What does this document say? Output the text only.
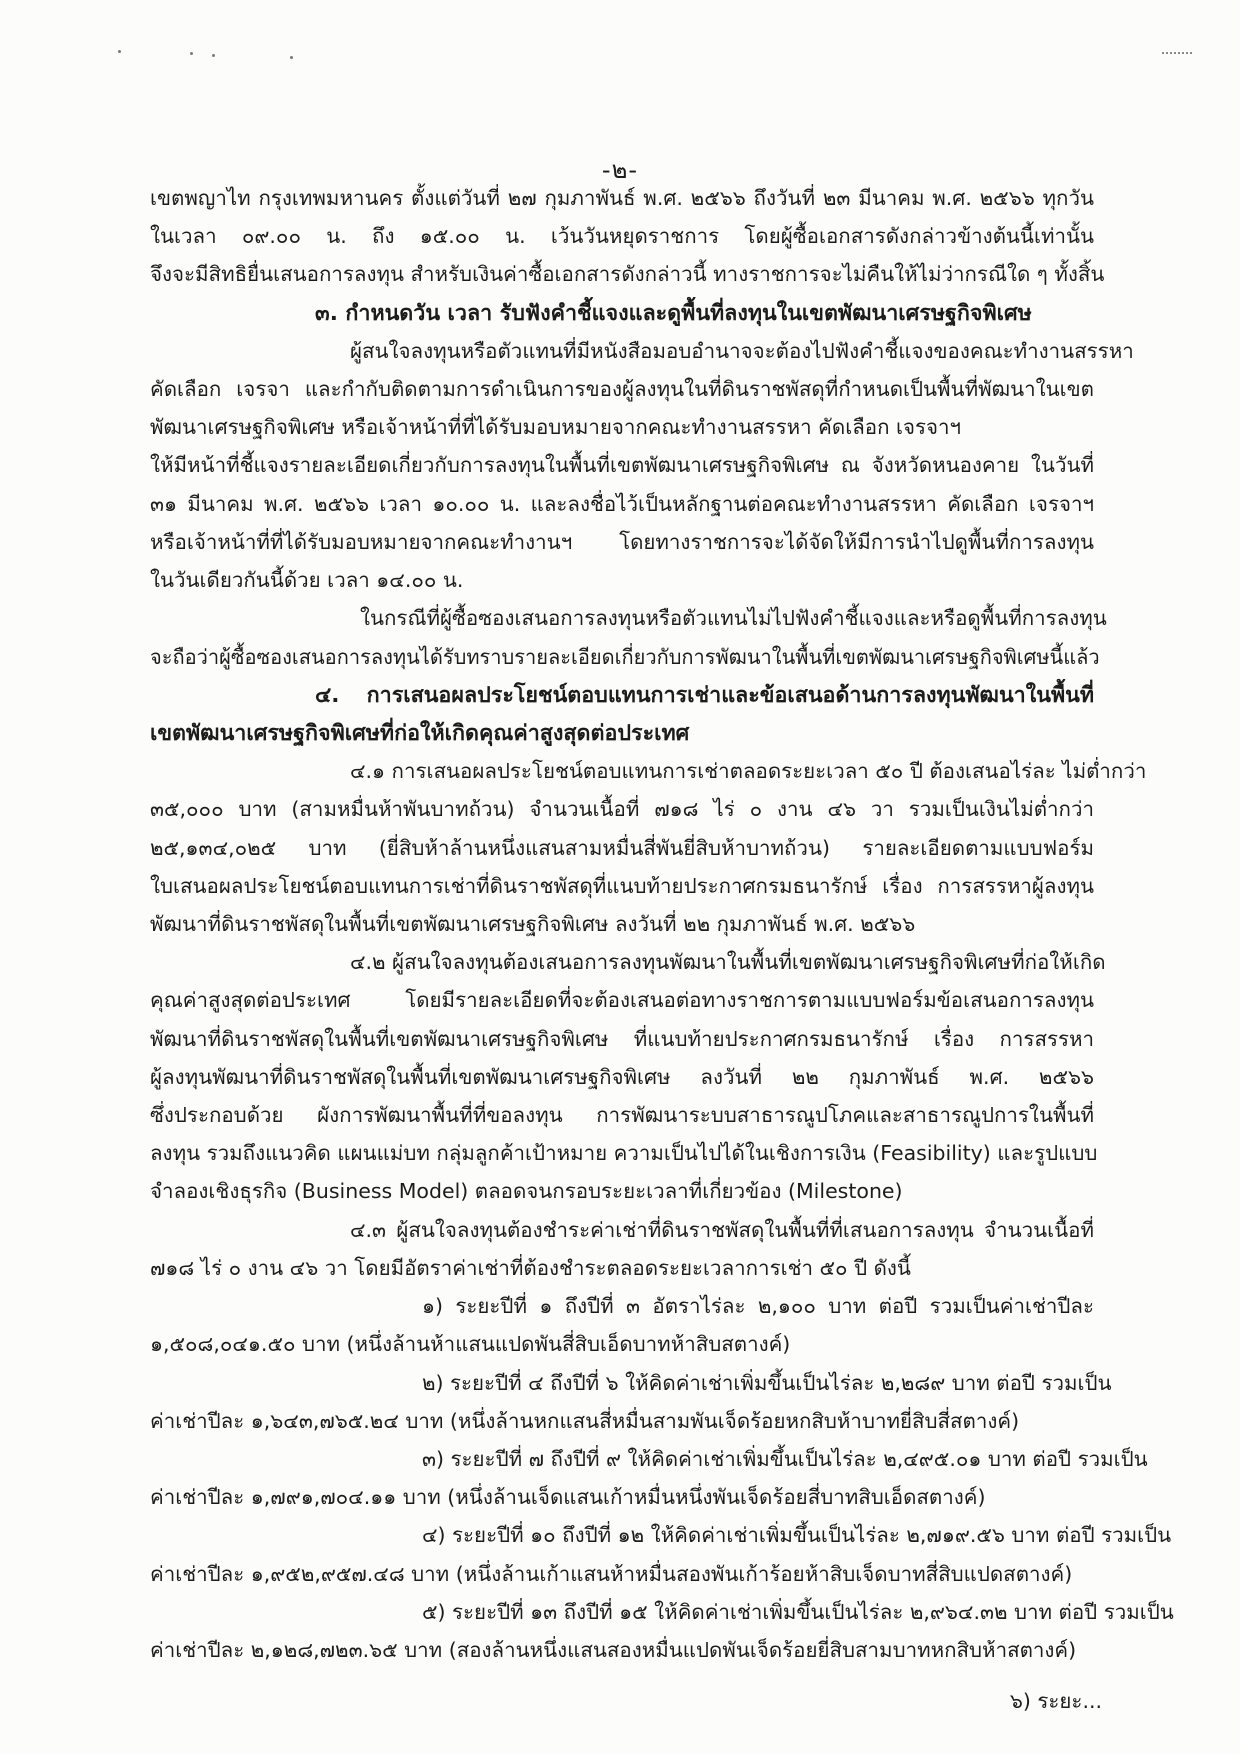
-๒-
เขตพญาไท กรุงเทพมหานคร ตั้งแต่วันที่ ๒๗ กุมภาพันธ์ พ.ศ. ๒๕๖๖ ถึงวันที่ ๒๓ มีนาคม พ.ศ. ๒๕๖๖ ทุกวัน
ในเวลา ๐๙.๐๐ น. ถึง ๑๕.๐๐ น. เว้นวันหยุดราชการ โดยผู้ซื้อเอกสารดังกล่าวข้างต้นนี้เท่านั้น
จึงจะมีสิทธิยื่นเสนอการลงทุน สำหรับเงินค่าซื้อเอกสารดังกล่าวนี้ ทางราชการจะไม่คืนให้ไม่ว่ากรณีใด ๆ ทั้งสิ้น
๓. กำหนดวัน เวลา รับฟังคำชี้แจงและดูพื้นที่ลงทุนในเขตพัฒนาเศรษฐกิจพิเศษ
ผู้สนใจลงทุนหรือตัวแทนที่มีหนังสือมอบอำนาจจะต้องไปฟังคำชี้แจงของคณะทำงานสรรหา
คัดเลือก เจรจา และกำกับติดตามการดำเนินการของผู้ลงทุนในที่ดินราชพัสดุที่กำหนดเป็นพื้นที่พัฒนาในเขต
พัฒนาเศรษฐกิจพิเศษ หรือเจ้าหน้าที่ที่ได้รับมอบหมายจากคณะทำงานสรรหา คัดเลือก เจรจาฯ
ให้มีหน้าที่ชี้แจงรายละเอียดเกี่ยวกับการลงทุนในพื้นที่เขตพัฒนาเศรษฐกิจพิเศษ ณ จังหวัดหนองคาย ในวันที่
๓๑ มีนาคม พ.ศ. ๒๕๖๖ เวลา ๑๐.๐๐ น. และลงชื่อไว้เป็นหลักฐานต่อคณะทำงานสรรหา คัดเลือก เจรจาฯ
หรือเจ้าหน้าที่ที่ได้รับมอบหมายจากคณะทำงานฯ โดยทางราชการจะได้จัดให้มีการนำไปดูพื้นที่การลงทุน
ในวันเดียวกันนี้ด้วย เวลา ๑๔.๐๐ น.
ในกรณีที่ผู้ซื้อซองเสนอการลงทุนหรือตัวแทนไม่ไปฟังคำชี้แจงและหรือดูพื้นที่การลงทุน
จะถือว่าผู้ซื้อซองเสนอการลงทุนได้รับทราบรายละเอียดเกี่ยวกับการพัฒนาในพื้นที่เขตพัฒนาเศรษฐกิจพิเศษนี้แล้ว
๔. การเสนอผลประโยชน์ตอบแทนการเช่าและข้อเสนอด้านการลงทุนพัฒนาในพื้นที่
เขตพัฒนาเศรษฐกิจพิเศษที่ก่อให้เกิดคุณค่าสูงสุดต่อประเทศ
๔.๑ การเสนอผลประโยชน์ตอบแทนการเช่าตลอดระยะเวลา ๕๐ ปี ต้องเสนอไร่ละ ไม่ต่ำกว่า
๓๕,๐๐๐ บาท (สามหมื่นห้าพันบาทถ้วน) จำนวนเนื้อที่ ๗๑๘ ไร่ ๐ งาน ๔๖ วา รวมเป็นเงินไม่ต่ำกว่า
๒๕,๑๓๔,๐๒๕ บาท (ยี่สิบห้าล้านหนึ่งแสนสามหมื่นสี่พันยี่สิบห้าบาทถ้วน) รายละเอียดตามแบบฟอร์ม
ใบเสนอผลประโยชน์ตอบแทนการเช่าที่ดินราชพัสดุที่แนบท้ายประกาศกรมธนารักษ์ เรื่อง การสรรหาผู้ลงทุน
พัฒนาที่ดินราชพัสดุในพื้นที่เขตพัฒนาเศรษฐกิจพิเศษ ลงวันที่ ๒๒ กุมภาพันธ์ พ.ศ. ๒๕๖๖
๔.๒ ผู้สนใจลงทุนต้องเสนอการลงทุนพัฒนาในพื้นที่เขตพัฒนาเศรษฐกิจพิเศษที่ก่อให้เกิด
คุณค่าสูงสุดต่อประเทศ โดยมีรายละเอียดที่จะต้องเสนอต่อทางราชการตามแบบฟอร์มข้อเสนอการลงทุน
พัฒนาที่ดินราชพัสดุในพื้นที่เขตพัฒนาเศรษฐกิจพิเศษ ที่แนบท้ายประกาศกรมธนารักษ์ เรื่อง การสรรหา
ผู้ลงทุนพัฒนาที่ดินราชพัสดุในพื้นที่เขตพัฒนาเศรษฐกิจพิเศษ ลงวันที่ ๒๒ กุมภาพันธ์ พ.ศ. ๒๕๖๖
ซึ่งประกอบด้วย ผังการพัฒนาพื้นที่ที่ขอลงทุน การพัฒนาระบบสาธารณูปโภคและสาธารณูปการในพื้นที่
ลงทุน รวมถึงแนวคิด แผนแม่บท กลุ่มลูกค้าเป้าหมาย ความเป็นไปได้ในเชิงการเงิน (Feasibility) และรูปแบบ
จำลองเชิงธุรกิจ (Business Model) ตลอดจนกรอบระยะเวลาที่เกี่ยวข้อง (Milestone)
๔.๓ ผู้สนใจลงทุนต้องชำระค่าเช่าที่ดินราชพัสดุในพื้นที่ที่เสนอการลงทุน จำนวนเนื้อที่
๗๑๘ ไร่ ๐ งาน ๔๖ วา โดยมีอัตราค่าเช่าที่ต้องชำระตลอดระยะเวลาการเช่า ๕๐ ปี ดังนี้
๑) ระยะปีที่ ๑ ถึงปีที่ ๓ อัตราไร่ละ ๒,๑๐๐ บาท ต่อปี รวมเป็นค่าเช่าปีละ
๑,๕๐๘,๐๔๑.๕๐ บาท (หนึ่งล้านห้าแสนแปดพันสี่สิบเอ็ดบาทห้าสิบสตางค์)
๒) ระยะปีที่ ๔ ถึงปีที่ ๖ ให้คิดค่าเช่าเพิ่มขึ้นเป็นไร่ละ ๒,๒๘๙ บาท ต่อปี รวมเป็น
ค่าเช่าปีละ ๑,๖๔๓,๗๖๕.๒๔ บาท (หนึ่งล้านหกแสนสี่หมื่นสามพันเจ็ดร้อยหกสิบห้าบาทยี่สิบสี่สตางค์)
๓) ระยะปีที่ ๗ ถึงปีที่ ๙ ให้คิดค่าเช่าเพิ่มขึ้นเป็นไร่ละ ๒,๔๙๕.๐๑ บาท ต่อปี รวมเป็น
ค่าเช่าปีละ ๑,๗๙๑,๗๐๔.๑๑ บาท (หนึ่งล้านเจ็ดแสนเก้าหมื่นหนึ่งพันเจ็ดร้อยสี่บาทสิบเอ็ดสตางค์)
๔) ระยะปีที่ ๑๐ ถึงปีที่ ๑๒ ให้คิดค่าเช่าเพิ่มขึ้นเป็นไร่ละ ๒,๗๑๙.๕๖ บาท ต่อปี รวมเป็น
ค่าเช่าปีละ ๑,๙๕๒,๙๕๗.๔๘ บาท (หนึ่งล้านเก้าแสนห้าหมื่นสองพันเก้าร้อยห้าสิบเจ็ดบาทสี่สิบแปดสตางค์)
๕) ระยะปีที่ ๑๓ ถึงปีที่ ๑๕ ให้คิดค่าเช่าเพิ่มขึ้นเป็นไร่ละ ๒,๙๖๔.๓๒ บาท ต่อปี รวมเป็น
ค่าเช่าปีละ ๒,๑๒๘,๗๒๓.๖๕ บาท (สองล้านหนึ่งแสนสองหมื่นแปดพันเจ็ดร้อยยี่สิบสามบาทหกสิบห้าสตางค์)
๖) ระยะ...
